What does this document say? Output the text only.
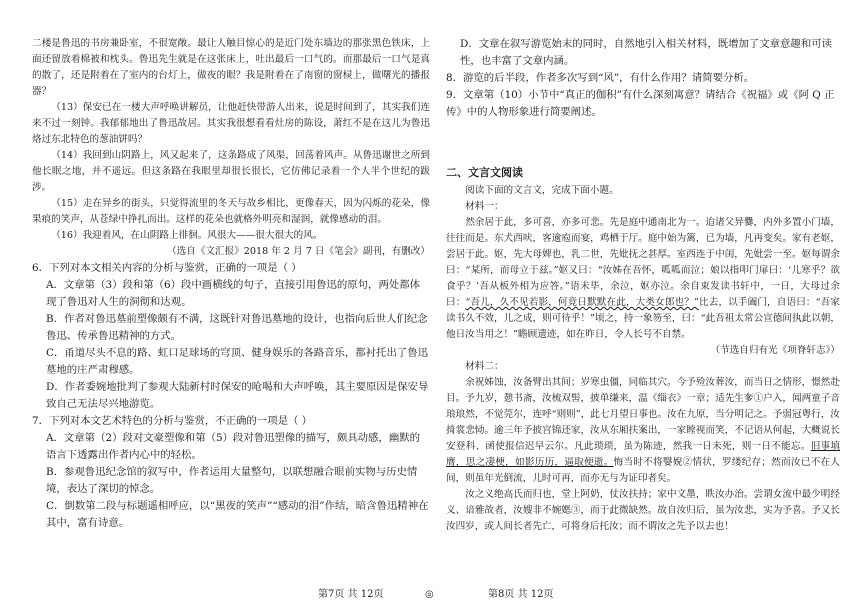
二楼是鲁迅的书房兼卧室，不很宽敞。最让人触目惊心的是近门处东墙边的那张黑色铁床，上面还留放着棉被和枕头。鲁迅先生就是在这张床上，吐出最后一口气的。而那最后一口气是真的散了，还是附着在了室内的台灯上，做夜的眼？我是附着在了南窗的窗棂上，做曙光的播报器？

（13）保安已在一楼大声呼唤讲解员，让他赶快带游人出来，说是时间到了，其实我们连来不过一刻钟。我郁郁地出了鲁迅故居。其实我很想看看灶房的陈设，萧红不是在这儿为鲁迅烙过东北特色的葱油饼吗？

（14）我回到山阴路上，风又起来了，这条路成了风渠，回荡着风声。从鲁迅谢世之所到他长眠之地，并不遥远。但这条路在我眼里却很长很长，它仿佛记录着一个人半个世纪的跋涉。

（15）走在异乡的街头，只觉得流里的冬天与故乡相比，更像春天，因为闪烁的花朵，像果痕的笑声，从苍绿中挣扎而出。这样的花朵也就格外明亮和湿润，就像感动的泪。

（16）我迎着风，在山阴路上徘徊。风很大——很大很大的风。

（选自《文汇报》2018 年 2 月 7 日《笔会》副刊，有删改）

6．下列对本文相关内容的分析与鉴赏，正确的一项是（ ）

A．文章第（3）段和第（6）段中画横线的句子，直接引用鲁迅的原句，两处都体现了鲁迅对人生的洞彻和达观。

B．作者对鲁迅墓前塑像颇有不满，这既针对鲁迅墓地的设计，也指向后世人们纪念鲁迅、传承鲁迅精神的方式。

C．甬道尽头不息的路、虹口足球场的穹顶、健身娱乐的各路音乐，都衬托出了鲁迅墓地的庄严肃穆感。

D．作者委婉地批判了参观大陆新村时保安的呛喝和大声呼唤，其主要原因是保安导致自己无法尽兴地游览。

7．下列对本文艺术特色的分析与鉴赏，不正确的一项是（ ）

A．文章第（2）段对文豪塑像和第（5）段对鲁迅塑像的描写，颇具动感，幽默的语言下透露出作者内心中的轻松。

B．参观鲁迅纪念馆的叙写中，作者运用大量整句，以联想融合眼前实物与历史情境，表达了深切的悼念。

C．倒数第二段与标题遥相呼应，以“黑夜的笑声”“感动的泪”作结，暗含鲁迅精神在其中，富有诗意。

D．文章在叙写游览始末的同时，自然地引入相关材料，既增加了文章意趣和可读性，也丰富了文章内涵。

8．游览的后半段，作者多次写到“风”，有什么作用？请简要分析。

9．文章第（10）小节中“真正的伽积”有什么深刻寓意？请结合《祝福》或《阿 Q 正传》中的人物形象进行简要阐述。

二、文言文阅读

阅读下面的文言文，完成下面小题。

材料一：

然余居于此，多可喜，亦多可悲。先是庭中通南北为一。迨诸父异爨，内外多置小门墙，往往而是。东犬西吠，客逾庖而宴，鸡栖于厅。庭中始为篱，已为墙，凡再变矣。家有老妪，尝居于此。妪，先大母婢也，乳二世，先妣抚之甚厚。室西连于中闺，先妣尝一至。妪每谓余曰：“某所，而母立于兹。”妪又曰：“汝姊在吾怀，呱呱而泣；娘以指叩门扉曰：‘儿寒乎？欲食乎？’吾从板外相为应答。”语未毕，余泣，妪亦泣。余自束发读书轩中，一日，大母过余曰：“吾儿，久不见若影，何竟日默默在此，大类女郎也？”比去，以手阖门，自语曰：“吾家读书久不效，儿之成，则可待乎！”顷之，持一象笏至，曰：“此吾祖太常公宣德间执此以朝，他日汝当用之！”瞻顾遗迹，如在昨日，令人长号不自禁。

（节选自归有光《项脊轩志》）

材料二：

余祝姊蚀，汝备臂出其间；岁寒虫僵，同临其穴。今予殓汝葬汝，而当日之情形，憬然赴目。予九岁，憩书斋，汝梳双髻，披单缣来，温《缁衣》一章；适先生奓①户入，闻两童子音琅琅然，不觉莞尔，连呼“则则”，此七月望日事也。汝在九原，当分明记之。予弱冠粤行，汝掎裳悲恸。逾三年予披宫锦还家，汝从东厢扶案出，一家瞠视而笑，不记语从何起，大概说长安登科、函使报信迟早云尔。凡此琐琐，虽为陈迹，然我一日未死，则一日不能忘。旧事填膺，思之凄梗，如影历历，逼取便逝。悔当时不将嫛婗②情状，罗缕纪存；然而汝已不在人间，则虽年光倒流，儿时可再，而亦无与为证印者矣。

汝之义绝高氏而归也，堂上阿奶，仗汝扶持；家中文墨，眣汝办治。尝谓女流中最少明经义、谙雅故者，汝嫂非不婉嫕③，而于此微缺然。故自汝归后，虽为汝悲，实为予喜。予又长汝四岁，或人间长者先亡，可将身后托汝；而不谓汝之先予以去也！

第7页 共 12页	◎	第8页 共 12页
